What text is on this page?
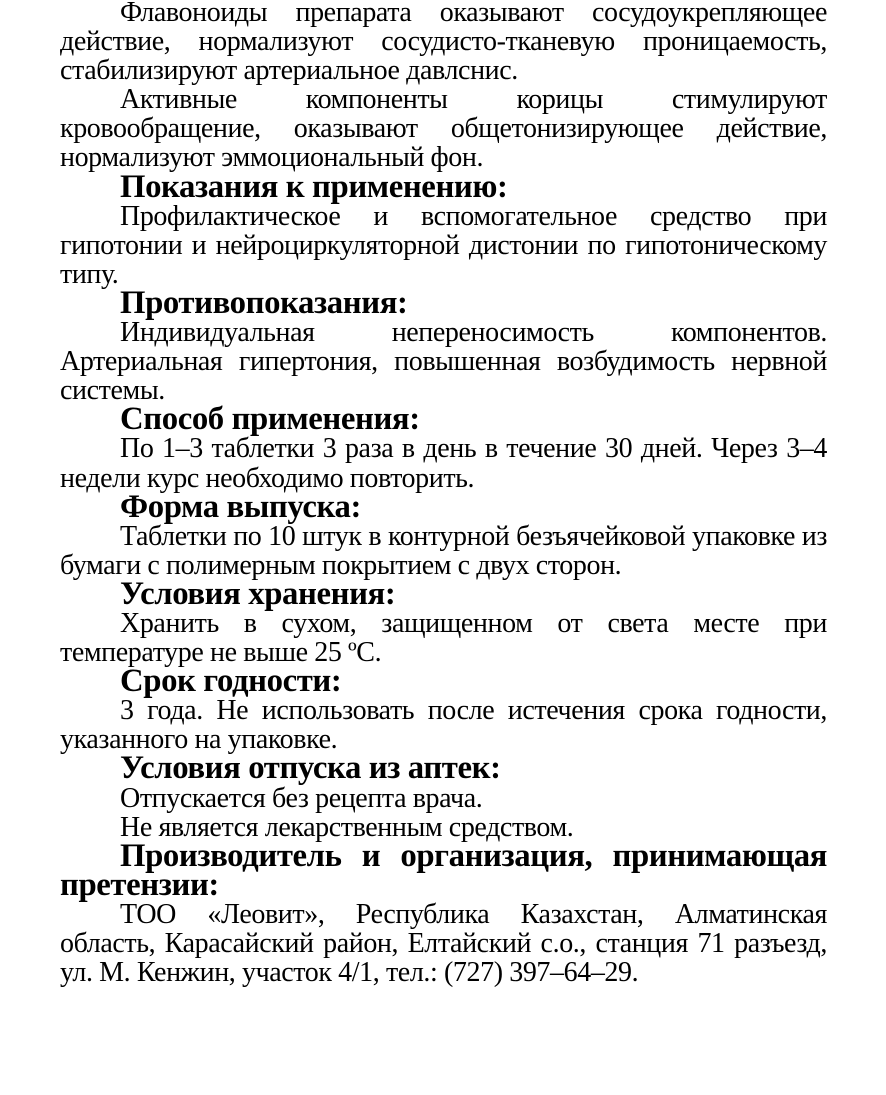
Флавоноиды препарата оказывают сосудоукрепляющее действие, нормализуют сосудисто-тканевую проницаемость, стабилизируют артериальное давлснис.

Активные компоненты корицы стимулируют кровообращение, оказывают общетонизирующее действие, нормализуют эммоциональный фон.

Показания к применению:

Профилактическое и вспомогательное средство при гипотонии и нейроциркуляторной дистонии по гипотоническому типу.

Противопоказания:

Индивидуальная непереносимость компонентов. Артериальная гипертония, повышенная возбудимость нервной системы.

Способ применения:

По 1–3 таблетки 3 раза в день в течение 30 дней. Через 3–4 недели курс необходимо повторить.

Форма выпуска:

Таблетки по 10 штук в контурной безъячейковой упаковке из бумаги с полимерным покрытием с двух сторон.

Условия хранения:

Хранить в сухом, защищенном от света месте при температуре не выше 25 ºС.

Срок годности:

3 года. Не использовать после истечения срока годности, указанного на упаковке.

Условия отпуска из аптек:

Отпускается без рецепта врача.

Не является лекарственным средством.

Производитель и организация, принимающая претензии:

ТОО «Леовит», Республика Казахстан, Алматинская область, Карасайский район, Елтайский с.о., станция 71 разъезд, ул. М. Кенжин, участок 4/1, тел.: (727) 397–64–29.
